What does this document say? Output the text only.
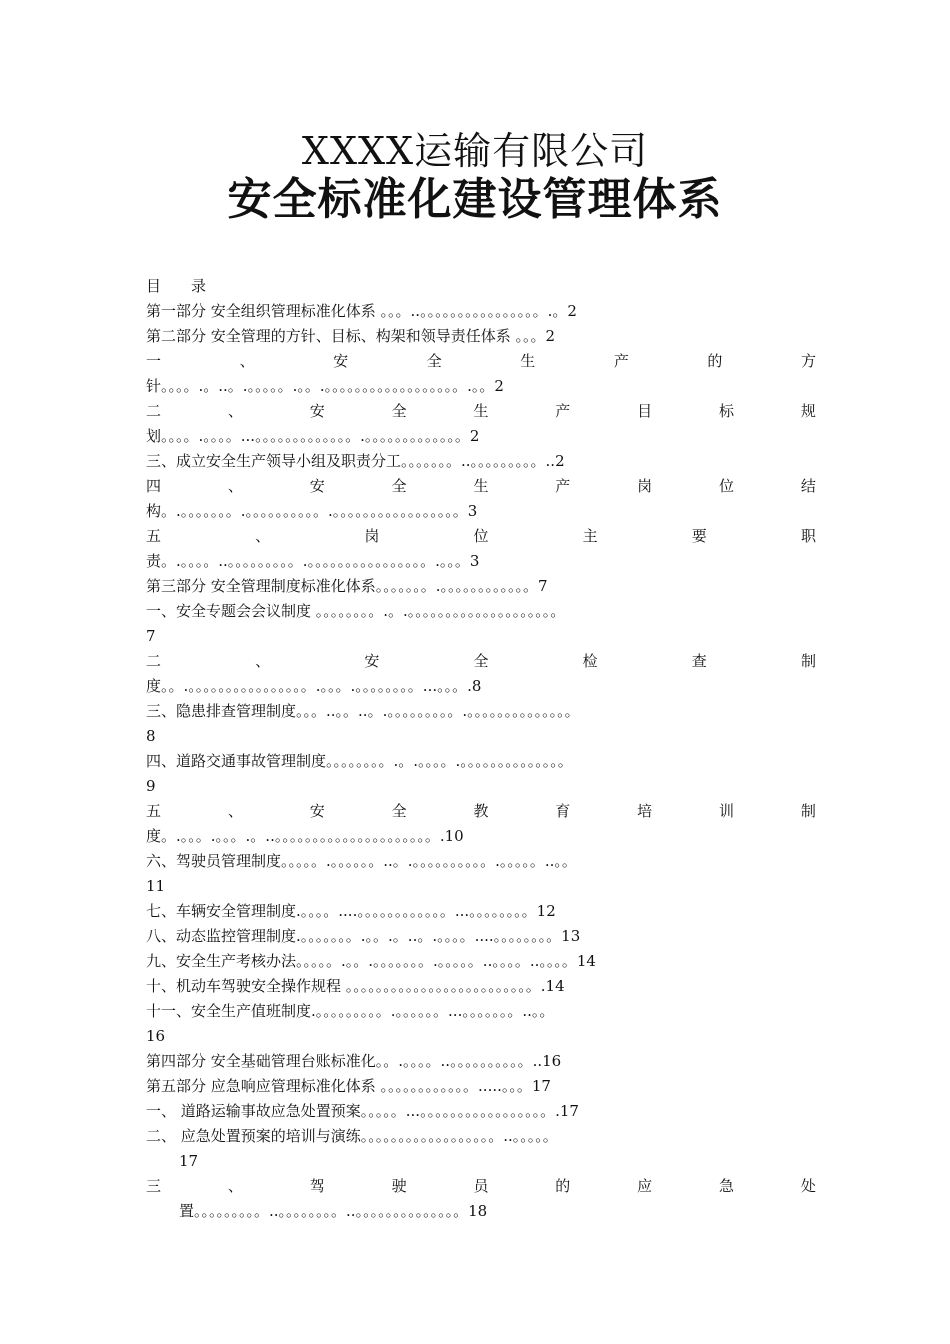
XXXX运输有限公司
安全标准化建设管理体系
目　　录
第一部分 安全组织管理标准化体系 。。。..。。。。。。。。。。。。。。。。.。2
第二部分 安全管理的方针、目标、构架和领导责任体系 。。。2
一	、	安	全	生	产	的	方
针。。。。.。..。.。。。。。.。。.。。。。。。。。。。。。。。。。。。.。。2
二	、	安	全	生	产	目	标	规
划。。。。.。。。。...。。。。。。。。。。。。。.。。。。。。。。。。。。。2
三、成立安全生产领导小组及职责分工。。。。。。。..。。。。。。。。。..2
四	、	安	全	生	产	岗	位	结
构。.。。。。。。。.。。。。。。。。。。.。。。。。。。。。。。。。。。。。3
五	、	岗	位	主	要	职
责。.。。。。..。。。。。。。。。.。。。。。。。。。。。。。。。。.。。。3
第三部分 安全管理制度标准化体系。。。。。。。.。。。。。。。。。。。。7
一、安全专题会会议制度 。。。。。。。。.。.。。。。。。。。。。。。。。。。。。。。
7
二	、	安	全	检	查	制
度。。.。。。。。。。。。。。。。。。。.。。。.。。。。。。。。...。。。.8
三、隐患排查管理制度。。。..。。..。.。。。。。。。。。.。。。。。。。。。。。。。。
8
四、道路交通事故管理制度。。。。。。。。.。.。。。。.。。。。。。。。。。。。。。
9
五	、	安	全	教	育	培	训	制
度。.。。。.。。。.。..。。。。。。。。。。。。。。。。。。。。。.10
六、驾驶员管理制度。。。。。.。。。。。。..。.。。。。。。。。。。.。。。。。..。。
11
七、车辆安全管理制度.。。。。....。。。。。。。。。。。。...。。。。。。。。12
八、动态监控管理制度.。。。。。。。.。。.。..。.。。。。....。。。。。。。。13
九、安全生产考核办法。。。。。.。。.。。。。。。。.。。。。。..。。。。..。。。。14
十、机动车驾驶安全操作规程 。。。。。。。。。。。。。。。。。。。。。。。。。.14
十一、安全生产值班制度.。。。。。。。。。.。。。。。。...。。。。。。。..。。
16
第四部分 安全基础管理台账标准化。。.。。。。..。。。。。。。。。。..16
第五部分 应急响应管理标准化体系 。。。。。。。。。。。。.....。。。17
一、 道路运输事故应急处置预案。。。。。...。。。。。。。。。。。。。。。。。.17
二、 应急处置预案的培训与演练。。。。。。。。。。。。。。。。。。..。。。。。
17
三	、	驾	驶	员	的	应	急	处
置。。。。。。。。。..。。。。。。。。..。。。。。。。。。。。。。。18
